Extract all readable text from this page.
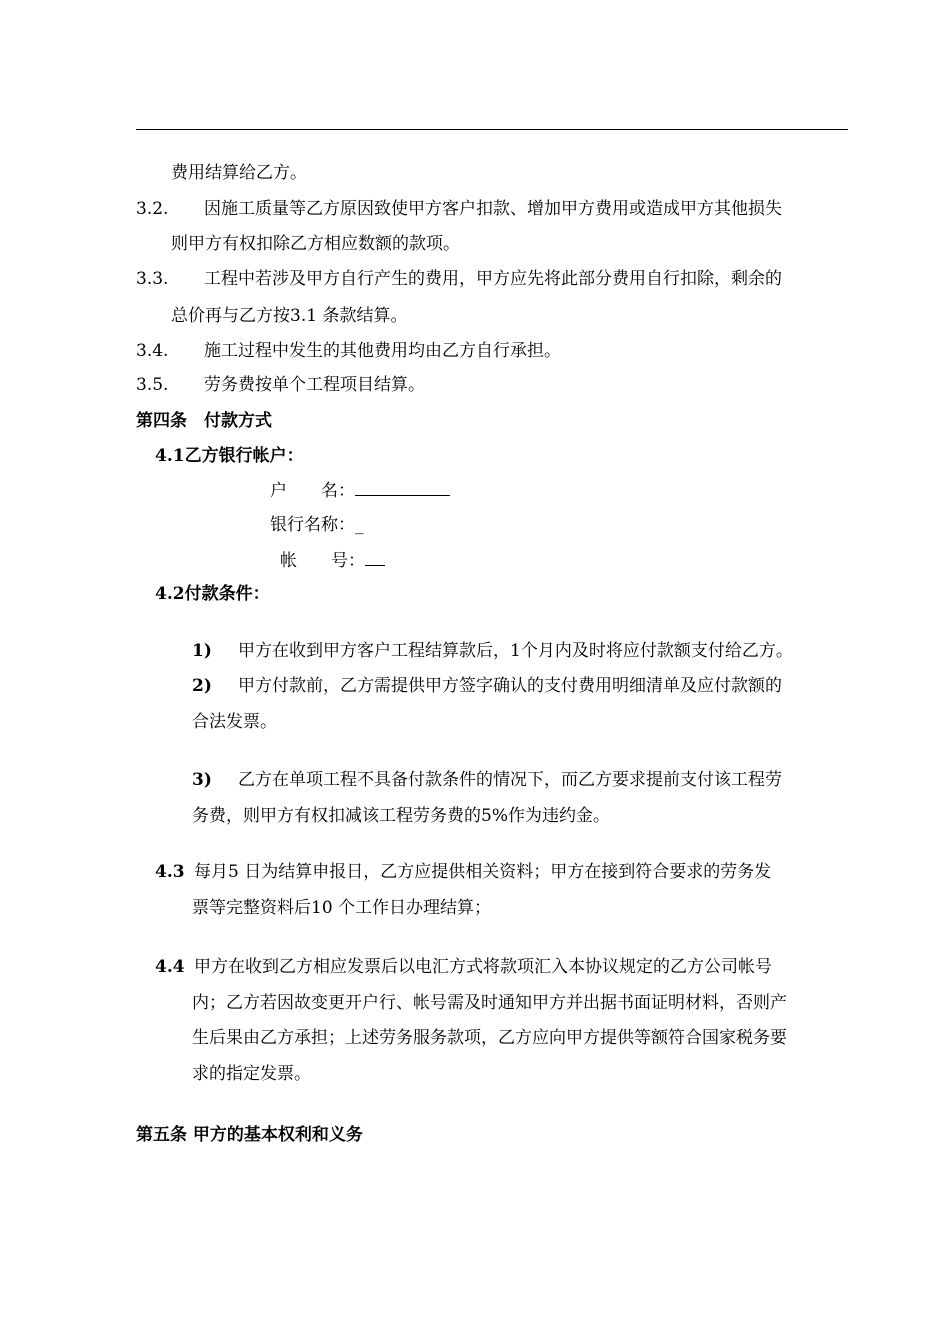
费用结算给乙方。
3.2. 因施工质量等乙方原因致使甲方客户扣款、增加甲方费用或造成甲方其他损失
则甲方有权扣除乙方相应数额的款项。
3.3. 工程中若涉及甲方自行产生的费用，甲方应先将此部分费用自行扣除，剩余的
总价再与乙方按3.1 条款结算。
3.4. 施工过程中发生的其他费用均由乙方自行承担。
3.5. 劳务费按单个工程项目结算。
第四条　付款方式
4.1乙方银行帐户：
户　　名：
银行名称：_
帐　　号：
4.2付款条件：
1) 甲方在收到甲方客户工程结算款后，1个月内及时将应付款额支付给乙方。
2) 甲方付款前，乙方需提供甲方签字确认的支付费用明细清单及应付款额的
合法发票。
3) 乙方在单项工程不具备付款条件的情况下，而乙方要求提前支付该工程劳
务费，则甲方有权扣减该工程劳务费的5%作为违约金。
4.3 每月5 日为结算申报日，乙方应提供相关资料；甲方在接到符合要求的劳务发
票等完整资料后10 个工作日办理结算；
4.4 甲方在收到乙方相应发票后以电汇方式将款项汇入本协议规定的乙方公司帐号
内；乙方若因故变更开户行、帐号需及时通知甲方并出据书面证明材料，否则产
生后果由乙方承担；上述劳务服务款项，乙方应向甲方提供等额符合国家税务要
求的指定发票。
第五条 甲方的基本权利和义务
